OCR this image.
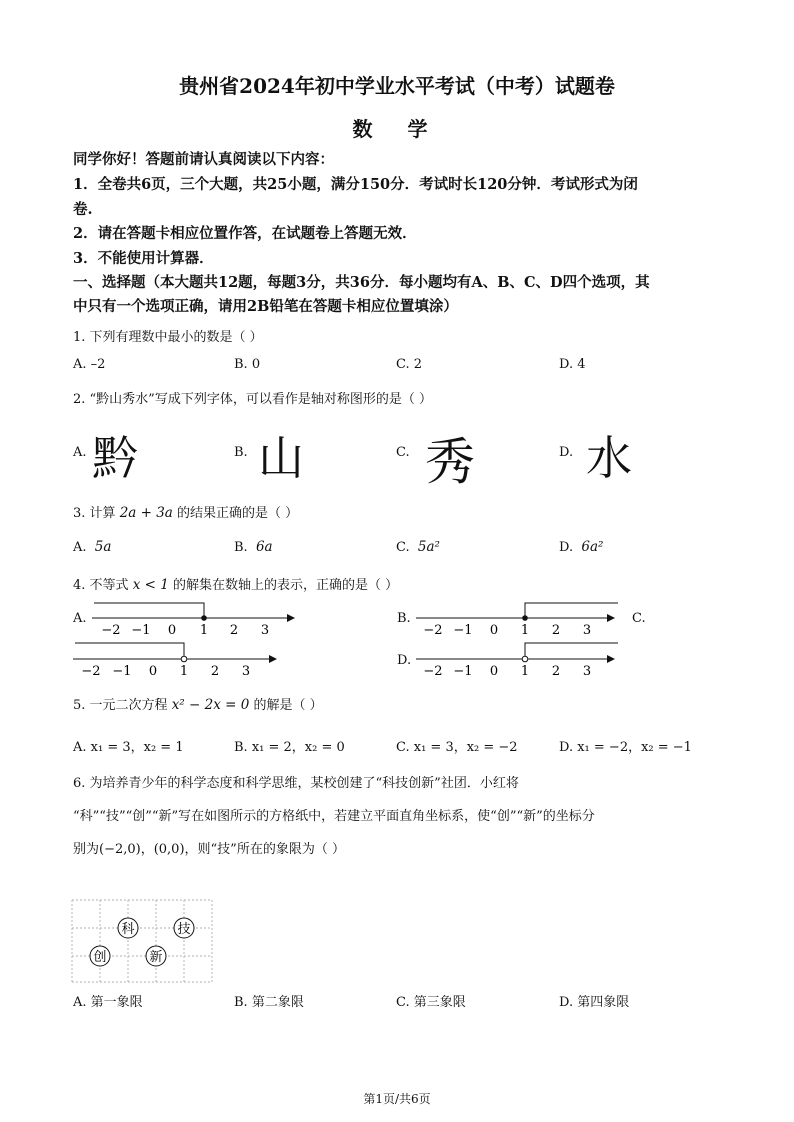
贵州省2024年初中学业水平考试（中考）试题卷
数 学
同学你好！答题前请认真阅读以下内容：
1．全卷共6页，三个大题，共25小题，满分150分．考试时长120分钟．考试形式为闭
卷.
2．请在答题卡相应位置作答，在试题卷上答题无效．
3．不能使用计算器．
一、选择题（本大题共12题，每题3分，共36分．每小题均有A、B、C、D四个选项，其
中只有一个选项正确，请用2B铅笔在答题卡相应位置填涂）
1. 下列有理数中最小的数是（ ）
A. –2	B. 0	C. 2	D. 4
2. “黔山秀水”写成下列字体，可以看作是轴对称图形的是（ ）
A. 黔	B. 山	C. 秀	D. 水
3. 计算 2a + 3a 的结果正确的是（ ）
A. 5a	B. 6a	C. 5a²	D. 6a²
4. 不等式 x < 1 的解集在数轴上的表示，正确的是（ ）
A.	B.	C.
D.
−2 −1 0 1 2 3	−2 −1 0 1 2 3
−2 −1 0 1 2 3	−2 −1 0 1 2 3
科	技
创	新
5. 一元二次方程 x² − 2x = 0 的解是（ ）
A. x₁ = 3，x₂ = 1	B. x₁ = 2，x₂ = 0	C. x₁ = 3，x₂ = −2	D. x₁ = −2，x₂ = −1
6. 为培养青少年的科学态度和科学思维，某校创建了“科技创新”社团．小红将
“科”“技”“创”“新”写在如图所示的方格纸中，若建立平面直角坐标系，使“创”“新”的坐标分
别为(−2,0)，(0,0)，则“技”所在的象限为（ ）
A. 第一象限	B. 第二象限	C. 第三象限	D. 第四象限
第1页/共6页
